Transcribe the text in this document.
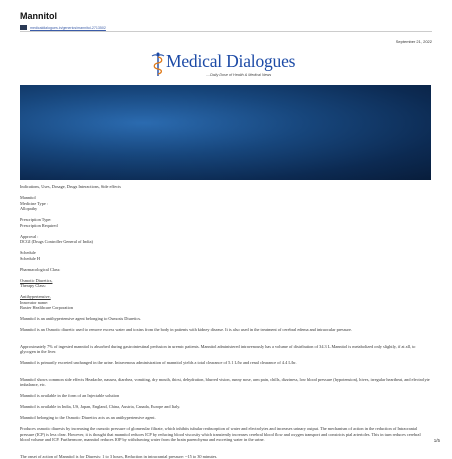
Mannitol
medicaldialogues.in/generics/mannitol-2713502
September 21, 2022
Medical Dialogues
....Daily Dose of Health & Medical News

Indications, Uses, Dosage, Drugs Interactions, Side effects

Mannitol

Medicine Type :

Allopathy

Prescription Type:

Prescription Required

Approval :

DCGI (Drugs Controller General of India)

Schedule

Schedule H

Pharmacological Class:

Osmotic Diuretics,

Therapy Class:

Antihypertensive,

Innovator name:

Baxter Healthcare Corporation

Mannitol is an antihypertensive agent belonging to Osmosis Diuretics.

Mannitol is an Osmotic diuretic used to remove excess water and toxins from the body in patients with kidney disease. It is also used in the treatment of cerebral edema and intraocular pressure.

Approximately 7% of ingested mannitol is absorbed during gastrointestinal perfusion in uremic patients. Mannitol administered intravenously has a volume of distribution of 34.3 L.Mannitol is metabolized only slightly, if at all, to glycogen in the liver.

Mannitol is primarily excreted unchanged in the urine. Intravenous administration of mannitol yields a total clearance of 5.1 L/hr and renal clearance of 4.4 L/hr.

Mannitol shows common side effects Headache, nausea, diarrhea, vomiting, dry mouth, thirst, dehydration, blurred vision, runny nose, arm pain, chills, dizziness, low blood pressure (hypotension), hives, irregular heartbeat, and electrolyte imbalance, etc.

Mannitol is available in the form of an Injectable solution

Mannitol is available in India, US, Japan, England, China, Austria, Canada, Europe and Italy.

Mannitol belonging to the Osmotic Diuretics acts as an antihypertensive agent.

Produces osmotic diuresis by increasing the osmotic pressure of glomerular filtrate, which inhibits tubular reabsorption of water and electrolytes and increases urinary output. The mechanism of action in the reduction of Intracranial pressure (ICP) is less clear. However, it is thought that mannitol reduces ICP by reducing blood viscosity which transiently increases cerebral blood flow and oxygen transport and constricts pial arterioles. This in turn reduces cerebral blood volume and ICP. Furthermore, mannitol reduces IOP by withdrawing water from the brain parenchyma and excreting water in the urine.

The onset of action of Mannitol is for Diuresis: 1 to 3 hours, Reduction in intracranial pressure: ~15 to 30 minutes.

1/5
